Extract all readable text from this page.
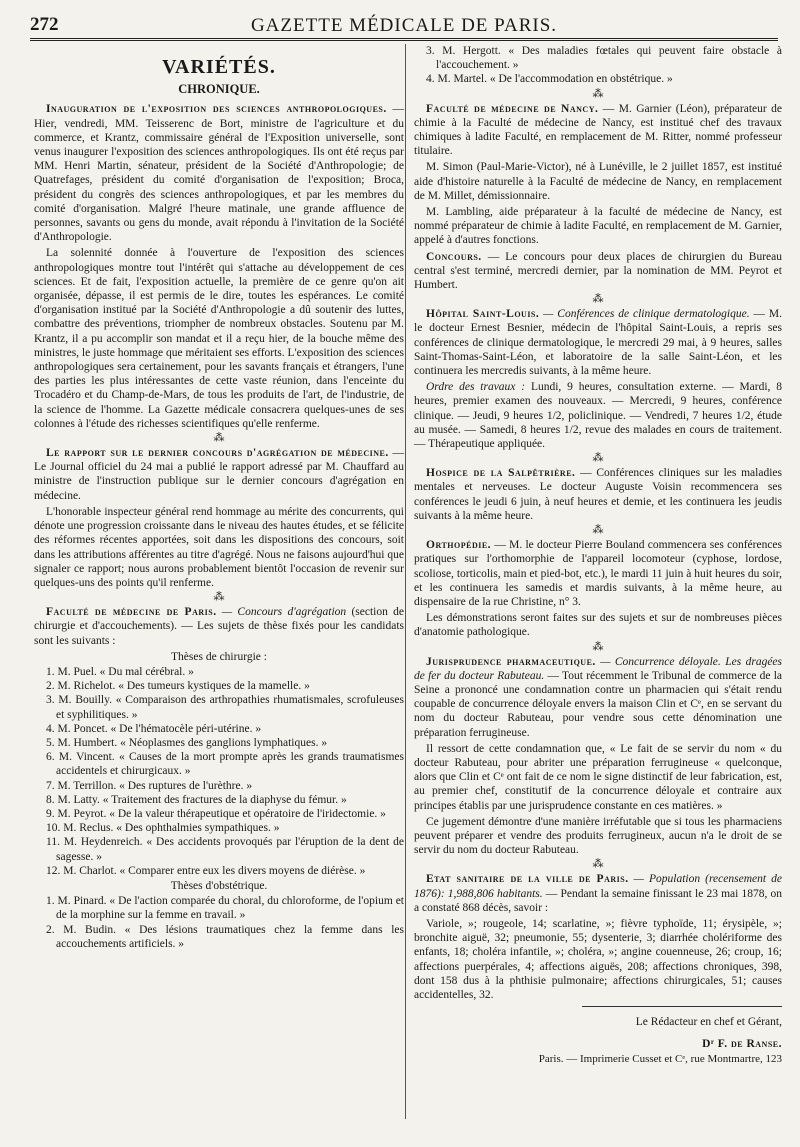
272	GAZETTE MÉDICALE DE PARIS.
VARIÉTÉS.
CHRONIQUE.

Inauguration de l'exposition des sciences anthropologiques. — Hier, vendredi, MM. Teisserenc de Bort, ministre de l'agriculture et du commerce, et Krantz, commissaire général de l'Exposition universelle, sont venus inaugurer l'exposition des sciences anthropologiques. Ils ont été reçus par MM. Henri Martin, sénateur, président de la Société d'Anthropologie; de Quatrefages, président du comité d'organisation de l'exposition; Broca, président du congrès des sciences anthropologiques, et par les membres du comité d'organisation. Malgré l'heure matinale, une grande affluence de personnes, savants ou gens du monde, avait répondu à l'invitation de la Société d'Anthropologie.

La solennité donnée à l'ouverture de l'exposition des sciences anthropologiques montre tout l'intérêt qui s'attache au développement de ces sciences. Et de fait, l'exposition actuelle, la première de ce genre qu'on ait organisée, dépasse, il est permis de le dire, toutes les espérances. Le comité d'organisation institué par la Société d'Anthropologie a dû soutenir des luttes, combattre des préventions, triompher de nombreux obstacles. Soutenu par M. Krantz, il a pu accomplir son mandat et il a reçu hier, de la bouche même des ministres, le juste hommage que méritaient ses efforts. L'exposition des sciences anthropologiques sera certainement, pour les savants français et étrangers, l'une des parties les plus intéressantes de cette vaste réunion, dans l'enceinte du Trocadéro et du Champ-de-Mars, de tous les produits de l'art, de l'industrie, de la science de l'homme. La Gazette médicale consacrera quelques-unes de ses colonnes à l'étude des richesses scientifiques qu'elle renferme.

⁂

Le rapport sur le dernier concours d'agrégation de médecine. — Le Journal officiel du 24 mai a publié le rapport adressé par M. Chauffard au ministre de l'instruction publique sur le dernier concours d'agrégation en médecine.

L'honorable inspecteur général rend hommage au mérite des concurrents, qui dénote une progression croissante dans le niveau des hautes études, et se félicite des réformes récentes apportées, soit dans les dispositions des concours, soit dans les attributions afférentes au titre d'agrégé. Nous ne faisons aujourd'hui que signaler ce rapport; nous aurons probablement bientôt l'occasion de revenir sur quelques-uns des points qu'il renferme.

⁂

Faculté de médecine de Paris. — Concours d'agrégation (section de chirurgie et d'accouchements). — Les sujets de thèse fixés pour les candidats sont les suivants :

Thèses de chirurgie :
1. M. Puel. « Du mal cérébral. »
2. M. Richelot. « Des tumeurs kystiques de la mamelle. »
3. M. Bouilly. « Comparaison des arthropathies rhumatismales, scrofuleuses et syphilitiques. »
4. M. Poncet. « De l'hématocèle péri-utérine. »
5. M. Humbert. « Néoplasmes des ganglions lymphatiques. »
6. M. Vincent. « Causes de la mort prompte après les grands traumatismes accidentels et chirurgicaux. »
7. M. Terrillon. « Des ruptures de l'urèthre. »
8. M. Latty. « Traitement des fractures de la diaphyse du fémur. »
9. M. Peyrot. « De la valeur thérapeutique et opératoire de l'iridectomie. »
10. M. Reclus. « Des ophthalmies sympathiques. »
11. M. Heydenreich. « Des accidents provoqués par l'éruption de la dent de sagesse. »
12. M. Charlot. « Comparer entre eux les divers moyens de diérèse. »
Thèses d'obstétrique.
1. M. Pinard. « De l'action comparée du choral, du chloroforme, de l'opium et de la morphine sur la femme en travail. »
2. M. Budin. « Des lésions traumatiques chez la femme dans les accouchements artificiels. »
3. M. Hergott. « Des maladies fœtales qui peuvent faire obstacle à l'accouchement. »
4. M. Martel. « De l'accommodation en obstétrique. »
⁂

Faculté de médecine de Nancy. — M. Garnier (Léon), préparateur de chimie à la Faculté de médecine de Nancy, est institué chef des travaux chimiques à ladite Faculté, en remplacement de M. Ritter, nommé professeur titulaire.

M. Simon (Paul-Marie-Victor), né à Lunéville, le 2 juillet 1857, est institué aide d'histoire naturelle à la Faculté de médecine de Nancy, en remplacement de M. Millet, démissionnaire.

M. Lambling, aide préparateur à la faculté de médecine de Nancy, est nommé préparateur de chimie à ladite Faculté, en remplacement de M. Garnier, appelé à d'autres fonctions.

Concours. — Le concours pour deux places de chirurgien du Bureau central s'est terminé, mercredi dernier, par la nomination de MM. Peyrot et Humbert.

⁂

Hôpital Saint-Louis. — Conférences de clinique dermatologique. — M. le docteur Ernest Besnier, médecin de l'hôpital Saint-Louis, a repris ses conférences de clinique dermatologique, le mercredi 29 mai, à 9 heures, salles Saint-Thomas-Saint-Léon, et laboratoire de la salle Saint-Léon, et les continuera les mercredis suivants, à la même heure.

Ordre des travaux : Lundi, 9 heures, consultation externe. — Mardi, 8 heures, premier examen des nouveaux. — Mercredi, 9 heures, conférence clinique. — Jeudi, 9 heures 1/2, policlinique. — Vendredi, 7 heures 1/2, étude au musée. — Samedi, 8 heures 1/2, revue des malades en cours de traitement. — Thérapeutique appliquée.

⁂

Hospice de la Salpêtrière. — Conférences cliniques sur les maladies mentales et nerveuses. Le docteur Auguste Voisin recommencera ses conférences le jeudi 6 juin, à neuf heures et demie, et les continuera les jeudis suivants à la même heure.

⁂

Orthopédie. — M. le docteur Pierre Bouland commencera ses conférences pratiques sur l'orthomorphie de l'appareil locomoteur (cyphose, lordose, scoliose, torticolis, main et pied-bot, etc.), le mardi 11 juin à huit heures du soir, et les continuera les samedis et mardis suivants, à la même heure, au dispensaire de la rue Christine, n° 3.

Les démonstrations seront faites sur des sujets et sur de nombreuses pièces d'anatomie pathologique.

⁂

Jurisprudence pharmaceutique. — Concurrence déloyale. Les dragées de fer du docteur Rabuteau. — Tout récemment le Tribunal de commerce de la Seine a prononcé une condamnation contre un pharmacien qui s'était rendu coupable de concurrence déloyale envers la maison Clin et Cᵉ, en se servant du nom du docteur Rabuteau, pour vendre sous cette dénomination une préparation ferrugineuse.

Il ressort de cette condamnation que, « Le fait de se servir du nom « du docteur Rabuteau, pour abriter une préparation ferrugineuse « quelconque, alors que Clin et Cᵉ ont fait de ce nom le signe distinctif de leur fabrication, est, au premier chef, constitutif de la concurrence déloyale et contraire aux principes établis par une jurisprudence constante en ces matières. »

Ce jugement démontre d'une manière irréfutable que si tous les pharmaciens peuvent préparer et vendre des produits ferrugineux, aucun n'a le droit de se servir du nom du docteur Rabuteau.

⁂

Etat sanitaire de la ville de Paris. — Population (recensement de 1876): 1,988,806 habitants. — Pendant la semaine finissant le 23 mai 1878, on a constaté 868 décès, savoir :

Variole, »; rougeole, 14; scarlatine, »; fièvre typhoïde, 11; érysipèle, »; bronchite aiguë, 32; pneumonie, 55; dysenterie, 3; diarrhée cholériforme des enfants, 18; choléra infantile, »; choléra, »; angine couenneuse, 26; croup, 16; affections puerpérales, 4; affections aiguës, 208; affections chroniques, 398, dont 158 dus à la phthisie pulmonaire; affections chirurgicales, 51; causes accidentelles, 32.

Le Rédacteur en chef et Gérant,
Dʳ F. de Ranse.
Paris. — Imprimerie Cusset et Cᵉ, rue Montmartre, 123
